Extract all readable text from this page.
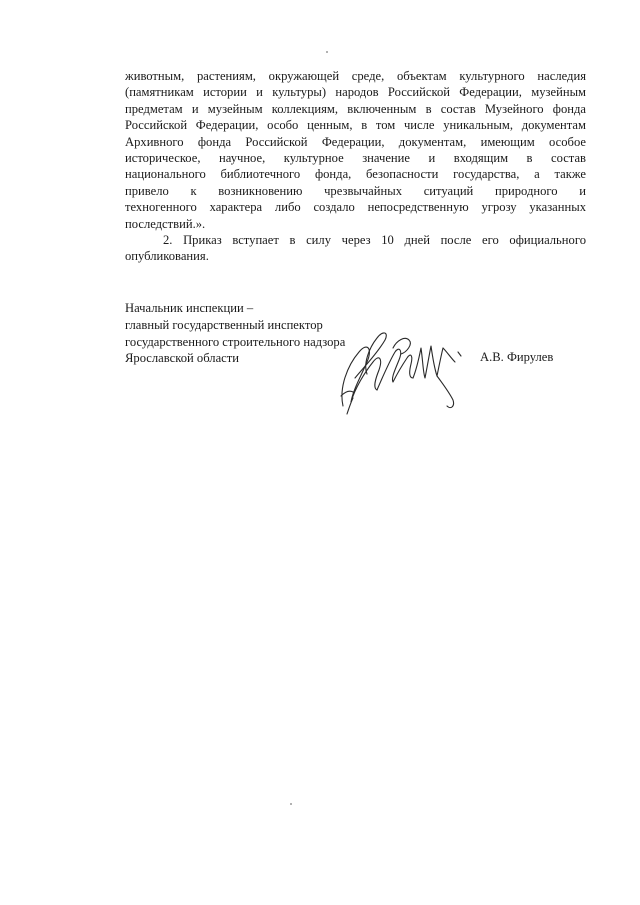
животным, растениям, окружающей среде, объектам культурного наследия
(памятникам истории и культуры) народов Российской Федерации, музейным
предметам и музейным коллекциям, включенным в состав Музейного фонда
Российской Федерации, особо ценным, в том числе уникальным, документам
Архивного фонда Российской Федерации, документам, имеющим особое
историческое, научное, культурное значение и входящим в состав
национального библиотечного фонда, безопасности государства, а также
привело к возникновению чрезвычайных ситуаций природного и
техногенного характера либо создало непосредственную угрозу указанных
последствий.».
2. Приказ вступает в силу через 10 дней после его официального
опубликования.
Начальник инспекции –
главный государственный инспектор
государственного строительного надзора
Ярославской области	А.В. Фирулев
